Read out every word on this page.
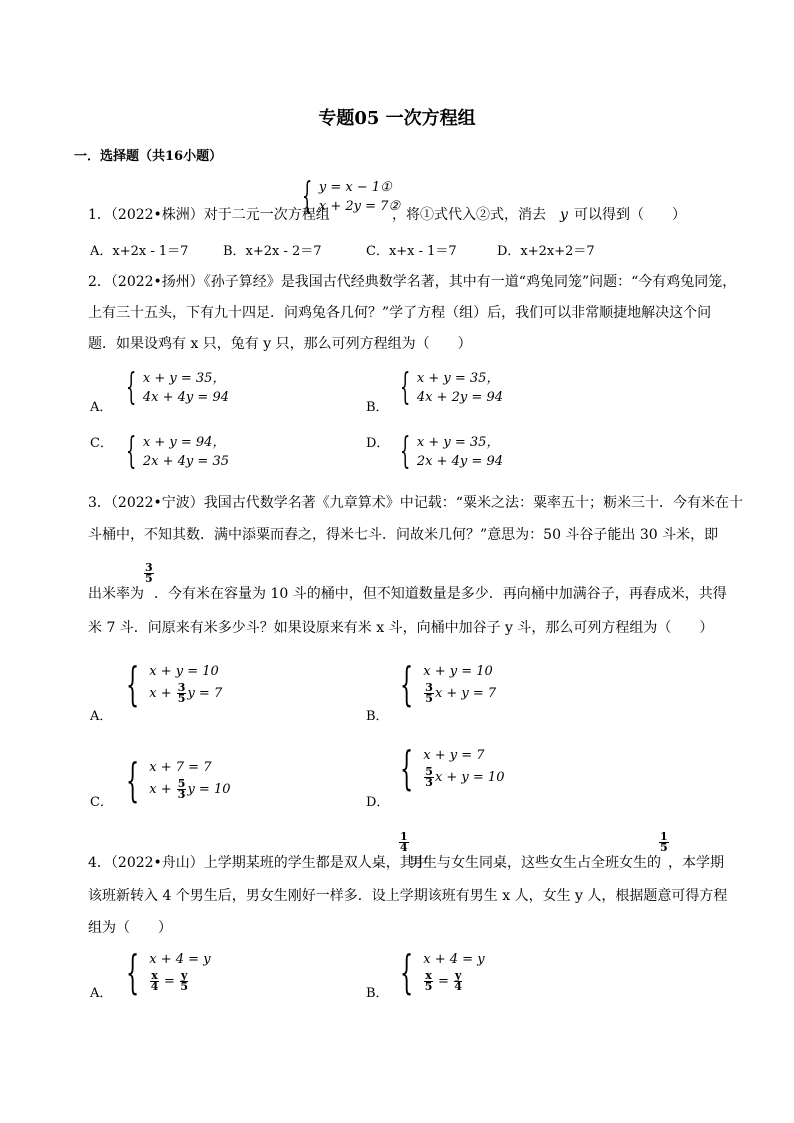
专题05 一次方程组
一．选择题（共16小题）
1．（2022•株洲）对于二元一次方程组
{ y = x − 1①
x + 2y = 7②
，将①式代入②式，消去 y 可以得到（　　）
A．x+2x - 1＝7	B．x+2x - 2＝7	C．x+x - 1＝7	D．x+2x+2＝7
2．（2022•扬州）《孙子算经》是我国古代经典数学名著，其中有一道“鸡兔同笼”问题：“今有鸡兔同笼，
上有三十五头，下有九十四足．问鸡兔各几何？”学了方程（组）后，我们可以非常顺捷地解决这个问
题．如果设鸡有 x 只，兔有 y 只，那么可列方程组为（　　）
A． { x + y = 35，
4x + 4y = 94
B． { x + y = 35，
4x + 2y = 94
C． { x + y = 94，
2x + 4y = 35
D． { x + y = 35，
2x + 4y = 94
3．（2022•宁波）我国古代数学名著《九章算术》中记载：“粟米之法：粟率五十；粝米三十．今有米在十
斗桶中，不知其数．满中添粟而舂之，得米七斗．问故米几何？”意思为：50 斗谷子能出 30 斗米，即
出米率为
$\frac{3}{5}$
．今有米在容量为 10 斗的桶中，但不知道数量是多少．再向桶中加满谷子，再舂成米，共得
米 7 斗．问原来有米多少斗？如果设原来有米 x 斗，向桶中加谷子 y 斗，那么可列方程组为（　　）
A．
{ x + y = 10
$x + \frac{3}{5}$ y = 7
B．
{ x + y = 10
$\frac{3}{5}$ x + y = 7
C． { x + 7 = 7
$x + \frac{5}{3}$ y = 10
D．
{ x + y = 7
$\frac{5}{3}$ x + y = 10
4．（2022•舟山）上学期某班的学生都是双人桌，其中
$\frac{1}{4}$
男生与女生同桌，这些女生占全班女生的
$\frac{1}{5}$
，本学期
该班新转入 4 个男生后，男女生刚好一样多．设上学期该班有男生 x 人，女生 y 人，根据题意可得方程
组为（　　）
A． { x + 4 = y
$\frac{x}{4} = \frac{y}{5}$
B． { x + 4 = y
$\frac{x}{5} = \frac{y}{4}$
